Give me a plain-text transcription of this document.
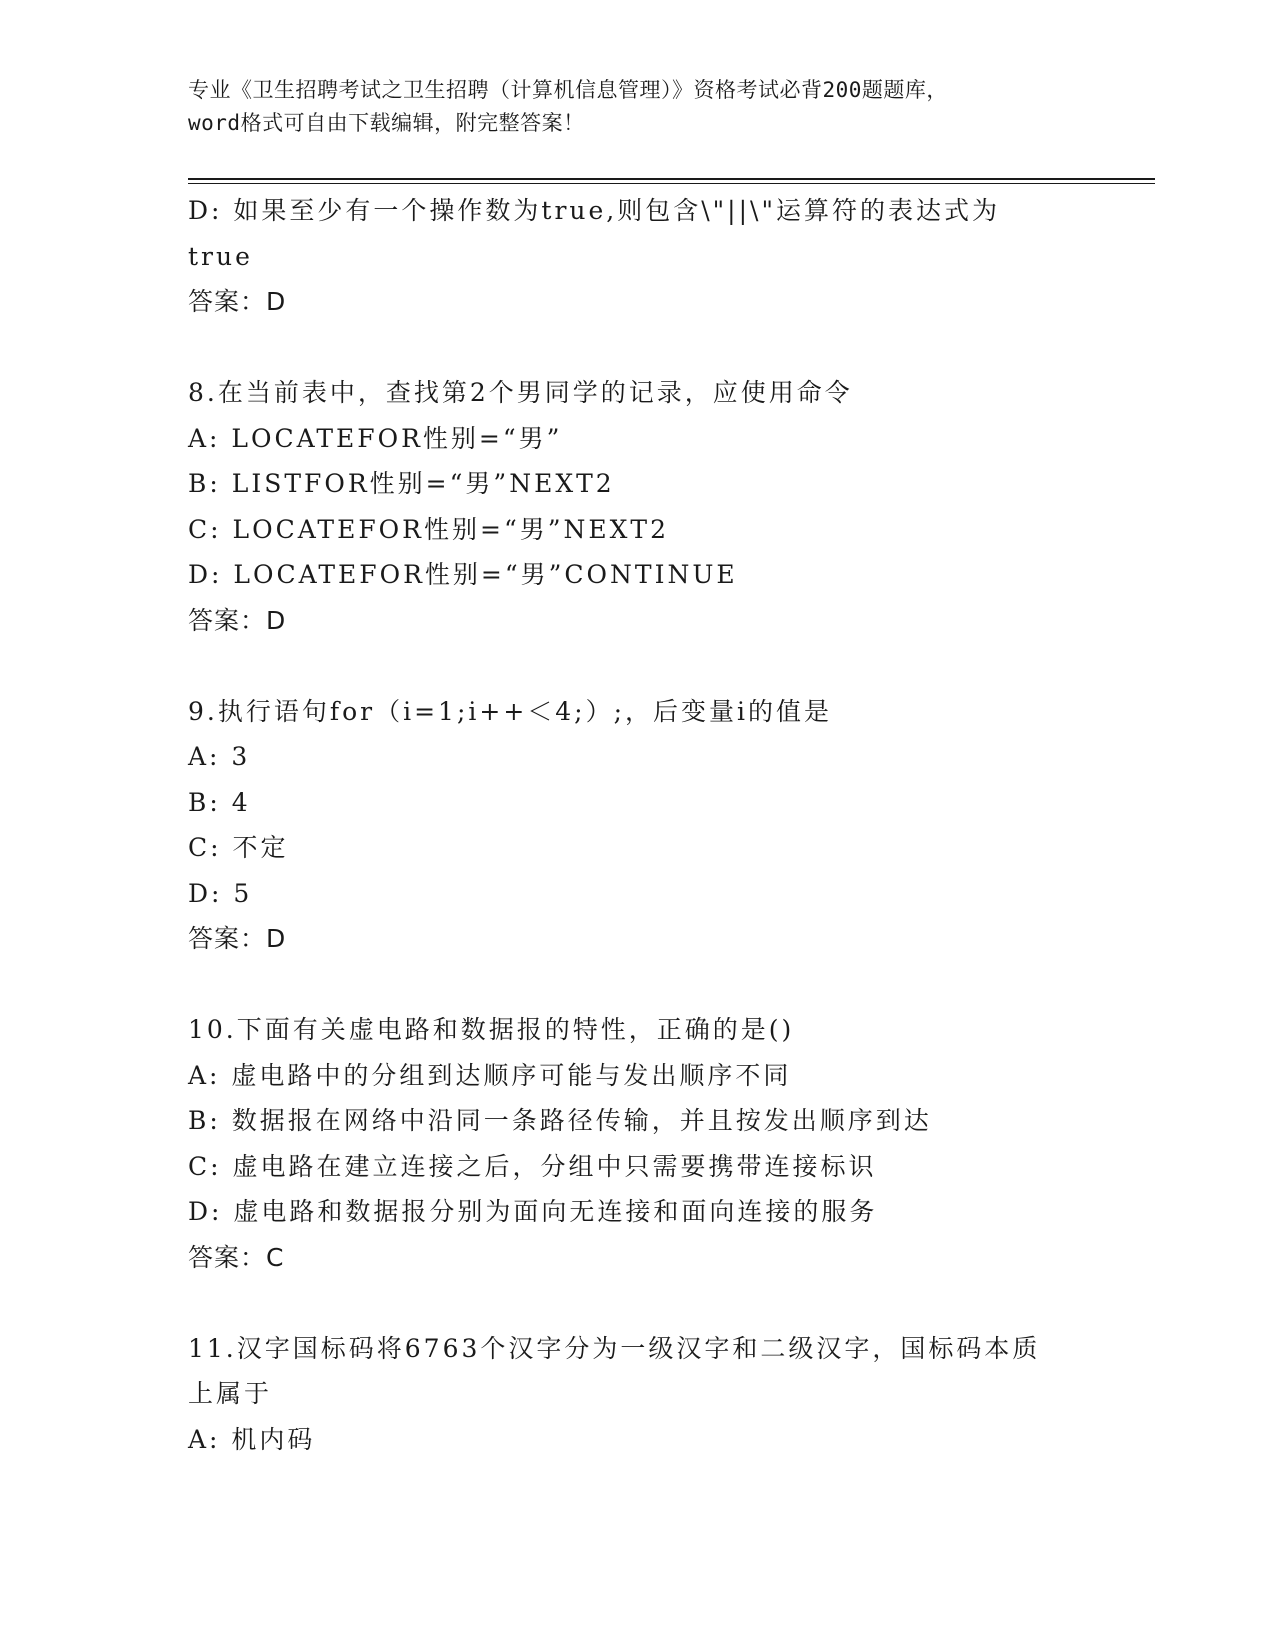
专业《卫生招聘考试之卫生招聘（计算机信息管理）》资格考试必背200题题库，
word格式可自由下载编辑，附完整答案！
D: 如果至少有一个操作数为true,则包含\"||\"运算符的表达式为
true
答案：D
8.在当前表中，查找第2个男同学的记录，应使用命令
A: LOCATEFOR性别=“男”
B: LISTFOR性别=“男”NEXT2
C: LOCATEFOR性别=“男”NEXT2
D: LOCATEFOR性别=“男”CONTINUE
答案：D
9.执行语句for（i=1;i++＜4;）;，后变量i的值是
A: 3
B: 4
C: 不定
D: 5
答案：D
10.下面有关虚电路和数据报的特性，正确的是()
A: 虚电路中的分组到达顺序可能与发出顺序不同
B: 数据报在网络中沿同一条路径传输，并且按发出顺序到达
C: 虚电路在建立连接之后，分组中只需要携带连接标识
D: 虚电路和数据报分别为面向无连接和面向连接的服务
答案：C
11.汉字国标码将6763个汉字分为一级汉字和二级汉字，国标码本质
上属于
A: 机内码
